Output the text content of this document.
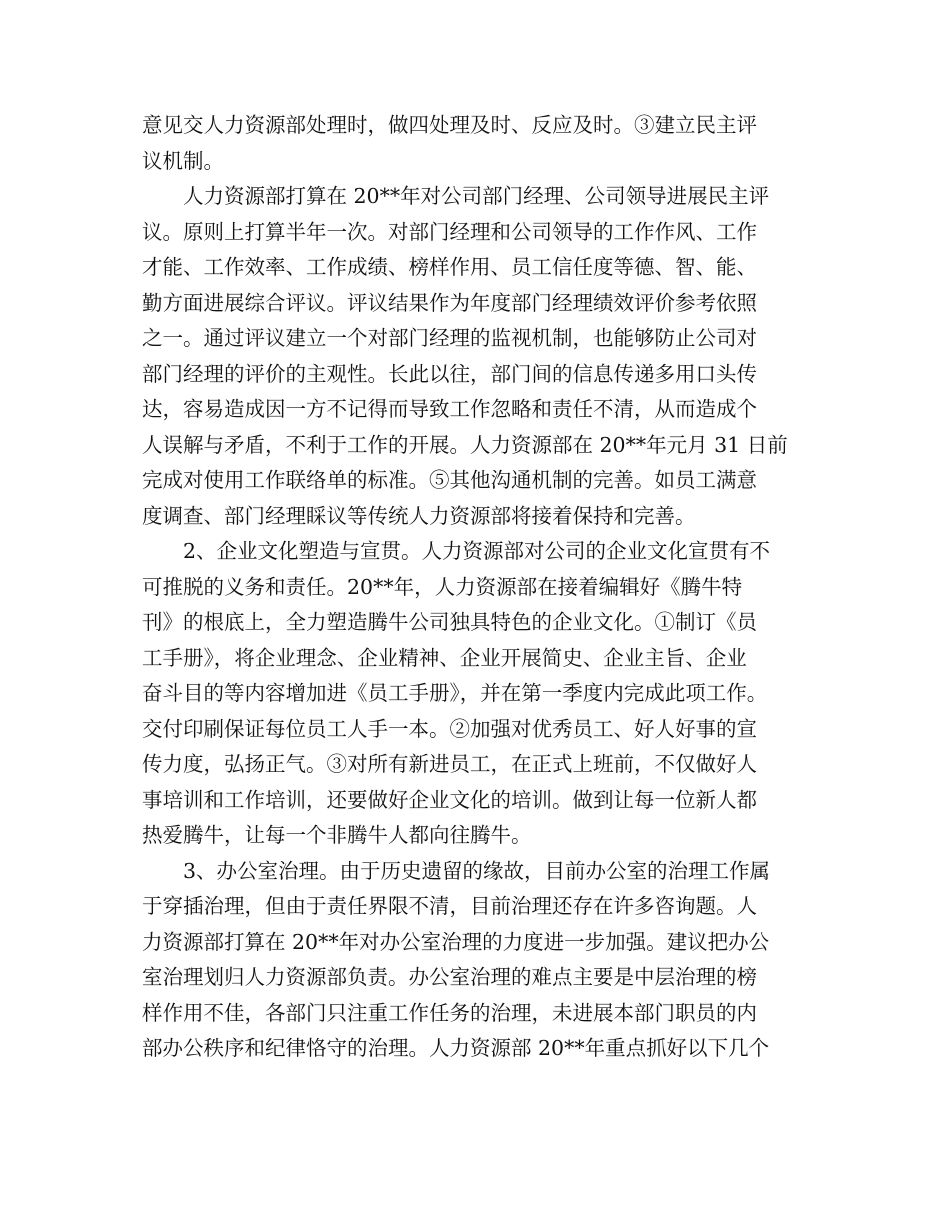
意见交人力资源部处理时，做四处理及时、反应及时。③建立民主评
议机制。
人力资源部打算在 20**年对公司部门经理、公司领导进展民主评
议。原则上打算半年一次。对部门经理和公司领导的工作作风、工作
才能、工作效率、工作成绩、榜样作用、员工信任度等德、智、能、
勤方面进展综合评议。评议结果作为年度部门经理绩效评价参考依照
之一。通过评议建立一个对部门经理的监视机制，也能够防止公司对
部门经理的评价的主观性。长此以往，部门间的信息传递多用口头传
达，容易造成因一方不记得而导致工作忽略和责任不清，从而造成个
人误解与矛盾，不利于工作的开展。人力资源部在 20**年元月 31 日前
完成对使用工作联络单的标准。⑤其他沟通机制的完善。如员工满意
度调查、部门经理睬议等传统人力资源部将接着保持和完善。
2、企业文化塑造与宣贯。人力资源部对公司的企业文化宣贯有不
可推脱的义务和责任。20**年，人力资源部在接着编辑好《腾牛特
刊》的根底上，全力塑造腾牛公司独具特色的企业文化。①制订《员
工手册》，将企业理念、企业精神、企业开展简史、企业主旨、企业
奋斗目的等内容增加进《员工手册》，并在第一季度内完成此项工作。
交付印刷保证每位员工人手一本。②加强对优秀员工、好人好事的宣
传力度，弘扬正气。③对所有新进员工，在正式上班前，不仅做好人
事培训和工作培训，还要做好企业文化的培训。做到让每一位新人都
热爱腾牛，让每一个非腾牛人都向往腾牛。
3、办公室治理。由于历史遗留的缘故，目前办公室的治理工作属
于穿插治理，但由于责任界限不清，目前治理还存在许多咨询题。人
力资源部打算在 20**年对办公室治理的力度进一步加强。建议把办公
室治理划归人力资源部负责。办公室治理的难点主要是中层治理的榜
样作用不佳，各部门只注重工作任务的治理，未进展本部门职员的内
部办公秩序和纪律恪守的治理。人力资源部 20**年重点抓好以下几个
